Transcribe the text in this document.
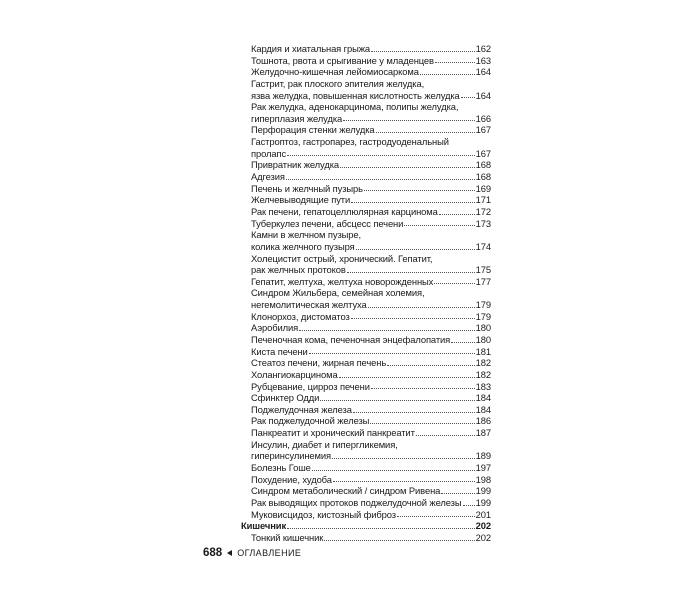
Кардия и хиатальная грыжа	162
Тошнота, рвота и срыгивание у младенцев	163
Желудочно-кишечная лейомиосаркома	164
Гастрит, рак плоского эпителия желудка,
язва желудка, повышенная кислотность желудка 164
Рак желудка, аденокарцинома, полипы желудка,
гиперплазия желудка	166
Перфорация стенки желудка	167
Гастроптоз, гастропарез, гастродуоденальный
пролапс	167
Привратник желудка	168
Адгезия	168
Печень и желчный пузырь	169
Желчевыводящие пути	171
Рак печени, гепатоцеллюлярная карцинома	172
Туберкулез печени, абсцесс печени	173
Камни в желчном пузыре,
колика желчного пузыря	174
Холецистит острый, хронический. Гепатит,
рак желчных протоков	175
Гепатит, желтуха, желтуха новорожденных	177
Синдром Жильбера, семейная холемия,
негемолитическая желтуха	179
Клонорхоз, дистоматоз	179
Аэробилия	180
Печеночная кома, печеночная энцефалопатия	180
Киста печени	181
Стеатоз печени, жирная печень	182
Холангиокарцинома	182
Рубцевание, цирроз печени	183
Сфинктер Одди	184
Поджелудочная железа	184
Рак поджелудочной железы	186
Панкреатит и хронический панкреатит	187
Инсулин, диабет и гипергликемия,
гиперинсулинемия	189
Болезнь Гоше	197
Похудение, худоба	198
Синдром метаболический / синдром Ривена	199
Рак выводящих протоков поджелудочной железы 199
Муковисцидоз, кистозный фиброз	201
Кишечник	202
Тонкий кишечник	202
688 ОГЛАВЛЕНИЕ
